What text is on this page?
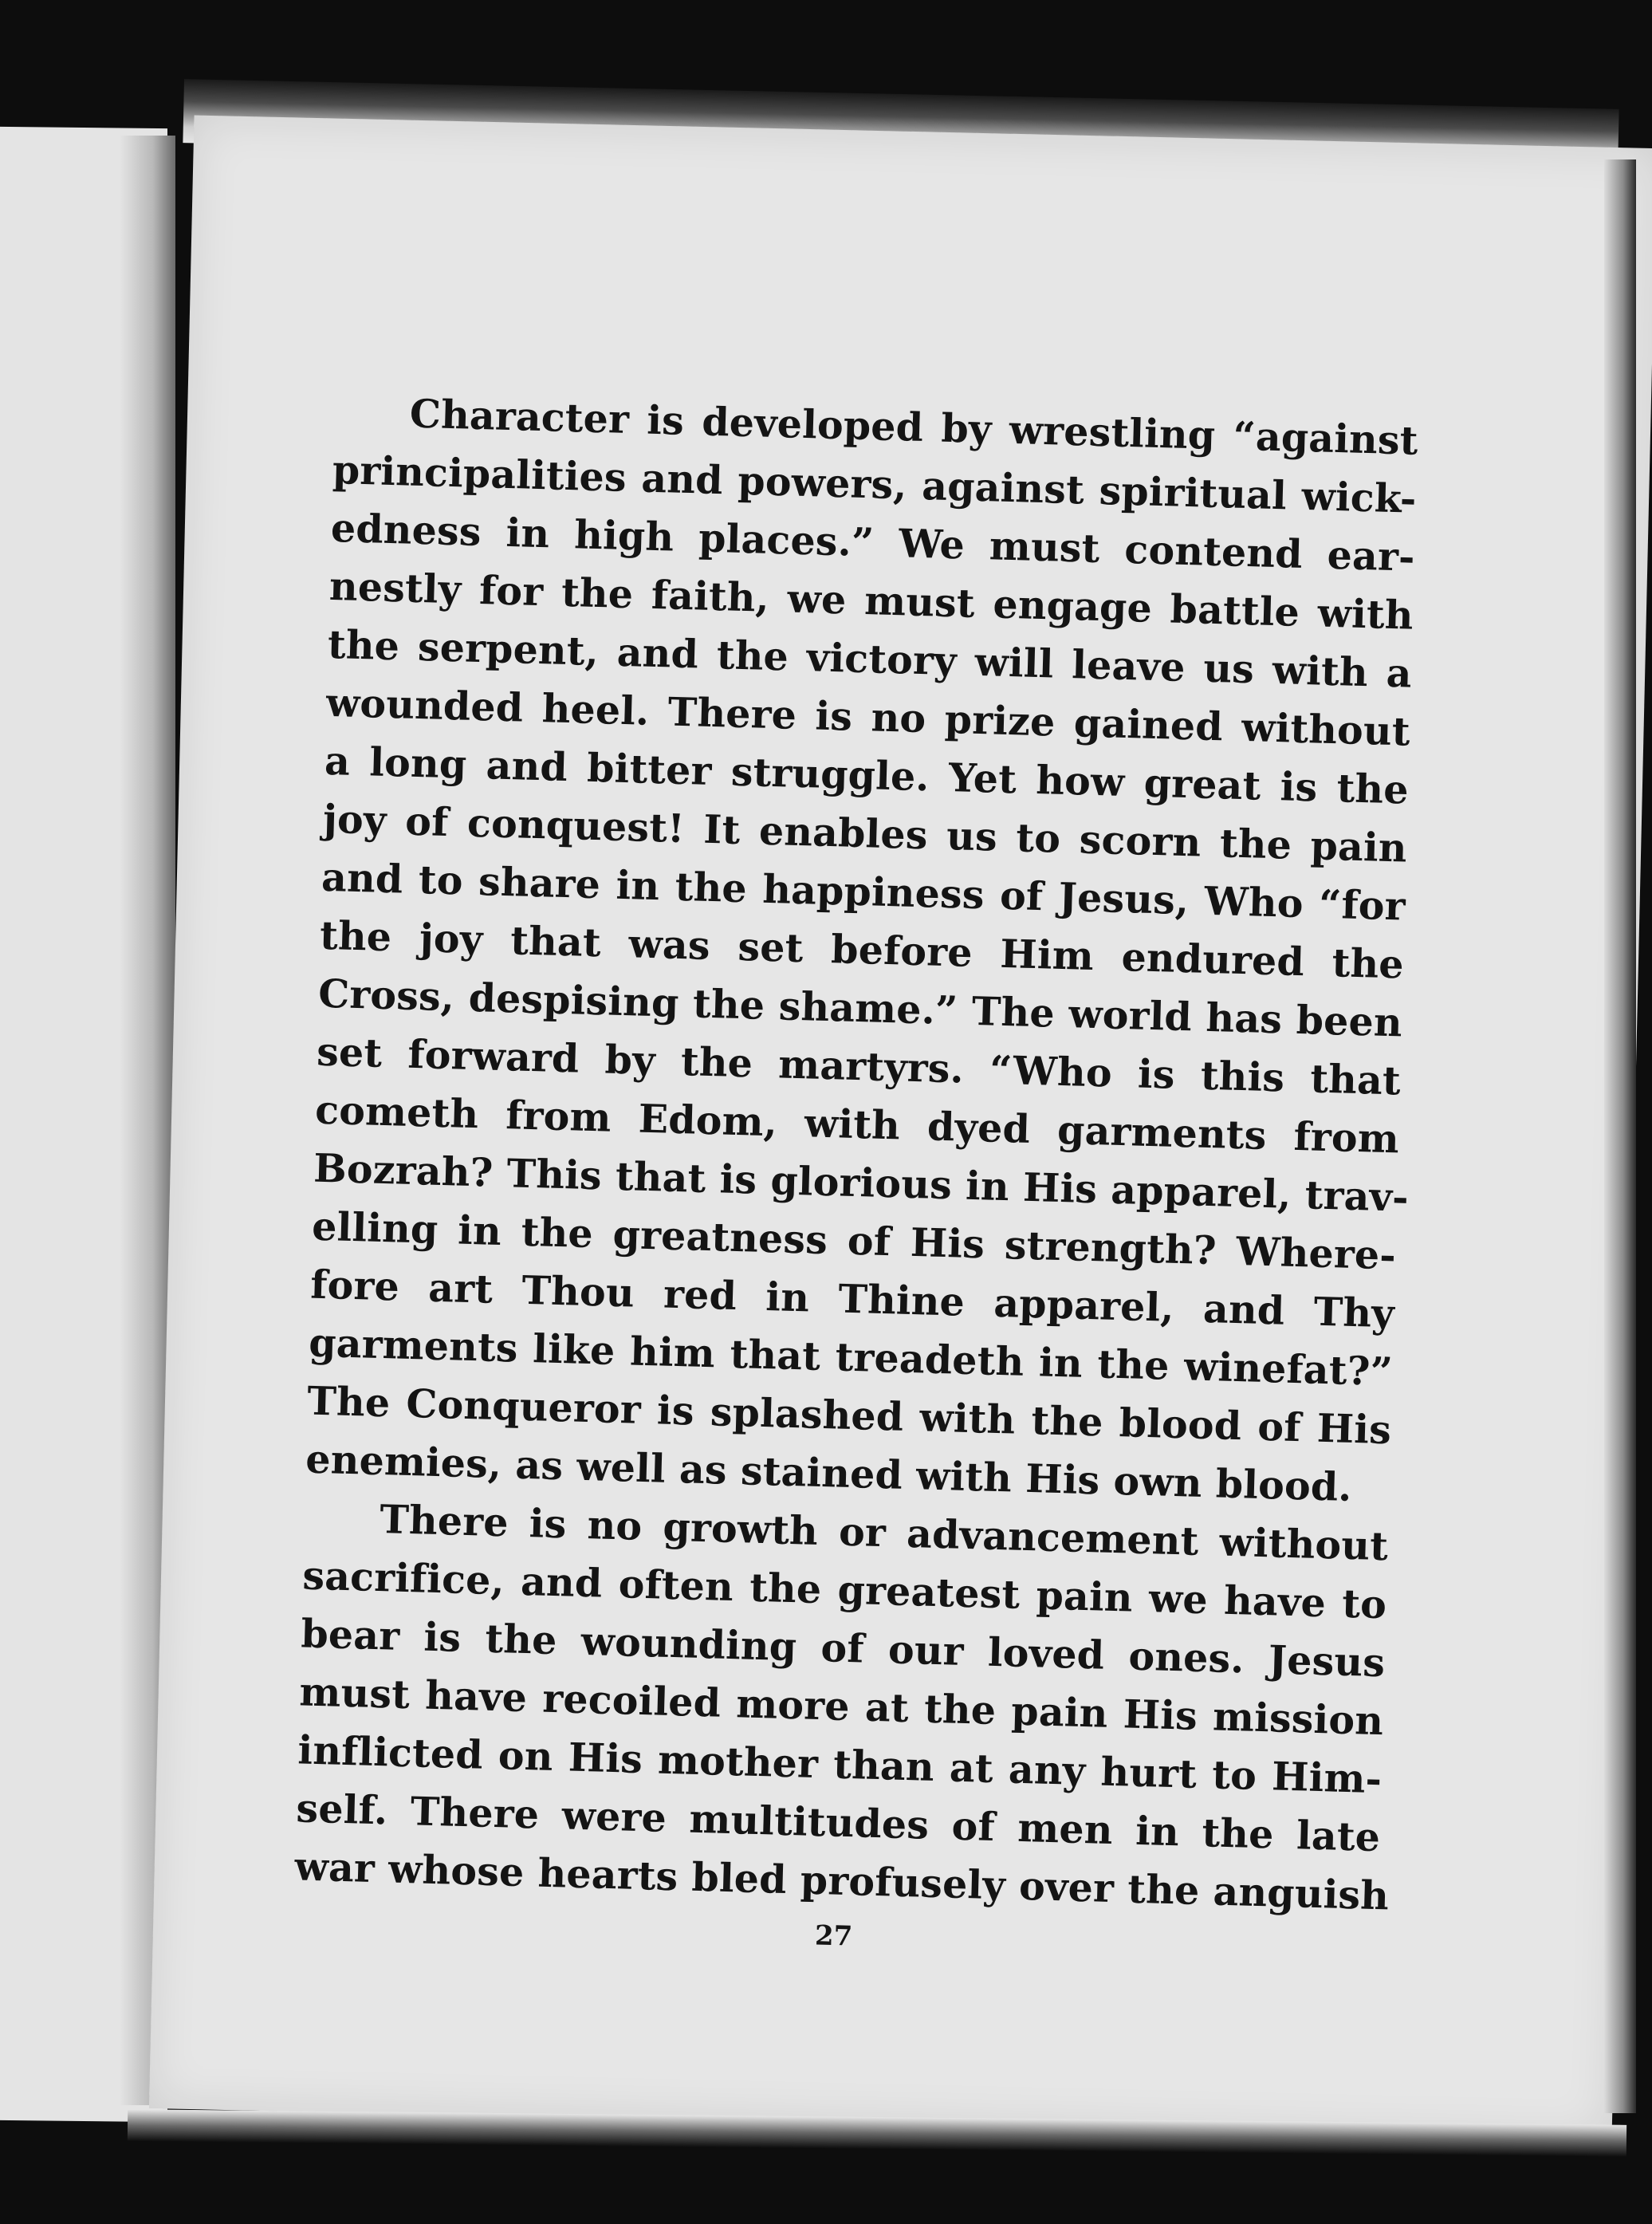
Character is developed by wrestling “against
principalities and powers, against spiritual wick-
edness in high places.” We must contend ear-
nestly for the faith, we must engage battle with
the serpent, and the victory will leave us with a
wounded heel. There is no prize gained without
a long and bitter struggle. Yet how great is the
joy of conquest! It enables us to scorn the pain
and to share in the happiness of Jesus, Who “for
the joy that was set before Him endured the
Cross, despising the shame.” The world has been
set forward by the martyrs. “Who is this that
cometh from Edom, with dyed garments from
Bozrah? This that is glorious in His apparel, trav-
elling in the greatness of His strength? Where-
fore art Thou red in Thine apparel, and Thy
garments like him that treadeth in the winefat?”
The Conqueror is splashed with the blood of His
enemies, as well as stained with His own blood.
There is no growth or advancement without
sacrifice, and often the greatest pain we have to
bear is the wounding of our loved ones. Jesus
must have recoiled more at the pain His mission
inflicted on His mother than at any hurt to Him-
self. There were multitudes of men in the late
war whose hearts bled profusely over the anguish
27
